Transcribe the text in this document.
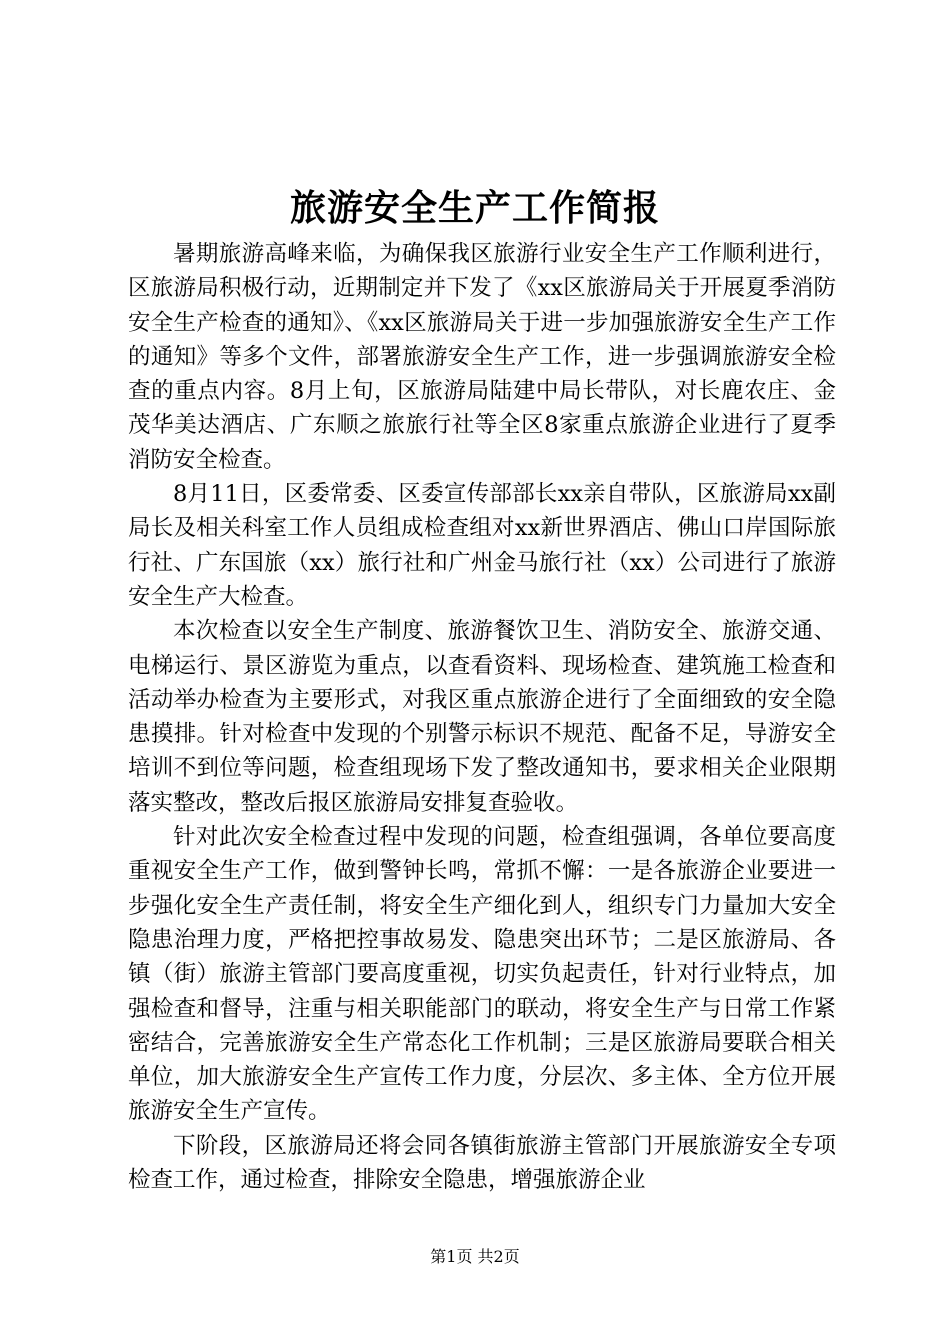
旅游安全生产工作简报

暑期旅游高峰来临，为确保我区旅游行业安全生产工作顺利进行，区旅游局积极行动，近期制定并下发了《xx区旅游局关于开展夏季消防安全生产检查的通知》、《xx区旅游局关于进一步加强旅游安全生产工作的通知》等多个文件，部署旅游安全生产工作，进一步强调旅游安全检查的重点内容。8月上旬，区旅游局陆建中局长带队，对长鹿农庄、金茂华美达酒店、广东顺之旅旅行社等全区8家重点旅游企业进行了夏季消防安全检查。

8月11日，区委常委、区委宣传部部长xx亲自带队，区旅游局xx副局长及相关科室工作人员组成检查组对xx新世界酒店、佛山口岸国际旅行社、广东国旅（xx）旅行社和广州金马旅行社（xx）公司进行了旅游安全生产大检查。

本次检查以安全生产制度、旅游餐饮卫生、消防安全、旅游交通、电梯运行、景区游览为重点，以查看资料、现场检查、建筑施工检查和活动举办检查为主要形式，对我区重点旅游企进行了全面细致的安全隐患摸排。针对检查中发现的个别警示标识不规范、配备不足，导游安全培训不到位等问题，检查组现场下发了整改通知书，要求相关企业限期落实整改，整改后报区旅游局安排复查验收。

针对此次安全检查过程中发现的问题，检查组强调，各单位要高度重视安全生产工作，做到警钟长鸣，常抓不懈：一是各旅游企业要进一步强化安全生产责任制，将安全生产细化到人，组织专门力量加大安全隐患治理力度，严格把控事故易发、隐患突出环节；二是区旅游局、各镇（街）旅游主管部门要高度重视，切实负起责任，针对行业特点，加强检查和督导，注重与相关职能部门的联动，将安全生产与日常工作紧密结合，完善旅游安全生产常态化工作机制；三是区旅游局要联合相关单位，加大旅游安全生产宣传工作力度，分层次、多主体、全方位开展旅游安全生产宣传。

下阶段，区旅游局还将会同各镇街旅游主管部门开展旅游安全专项检查工作，通过检查，排除安全隐患，增强旅游企业

第1页 共2页
